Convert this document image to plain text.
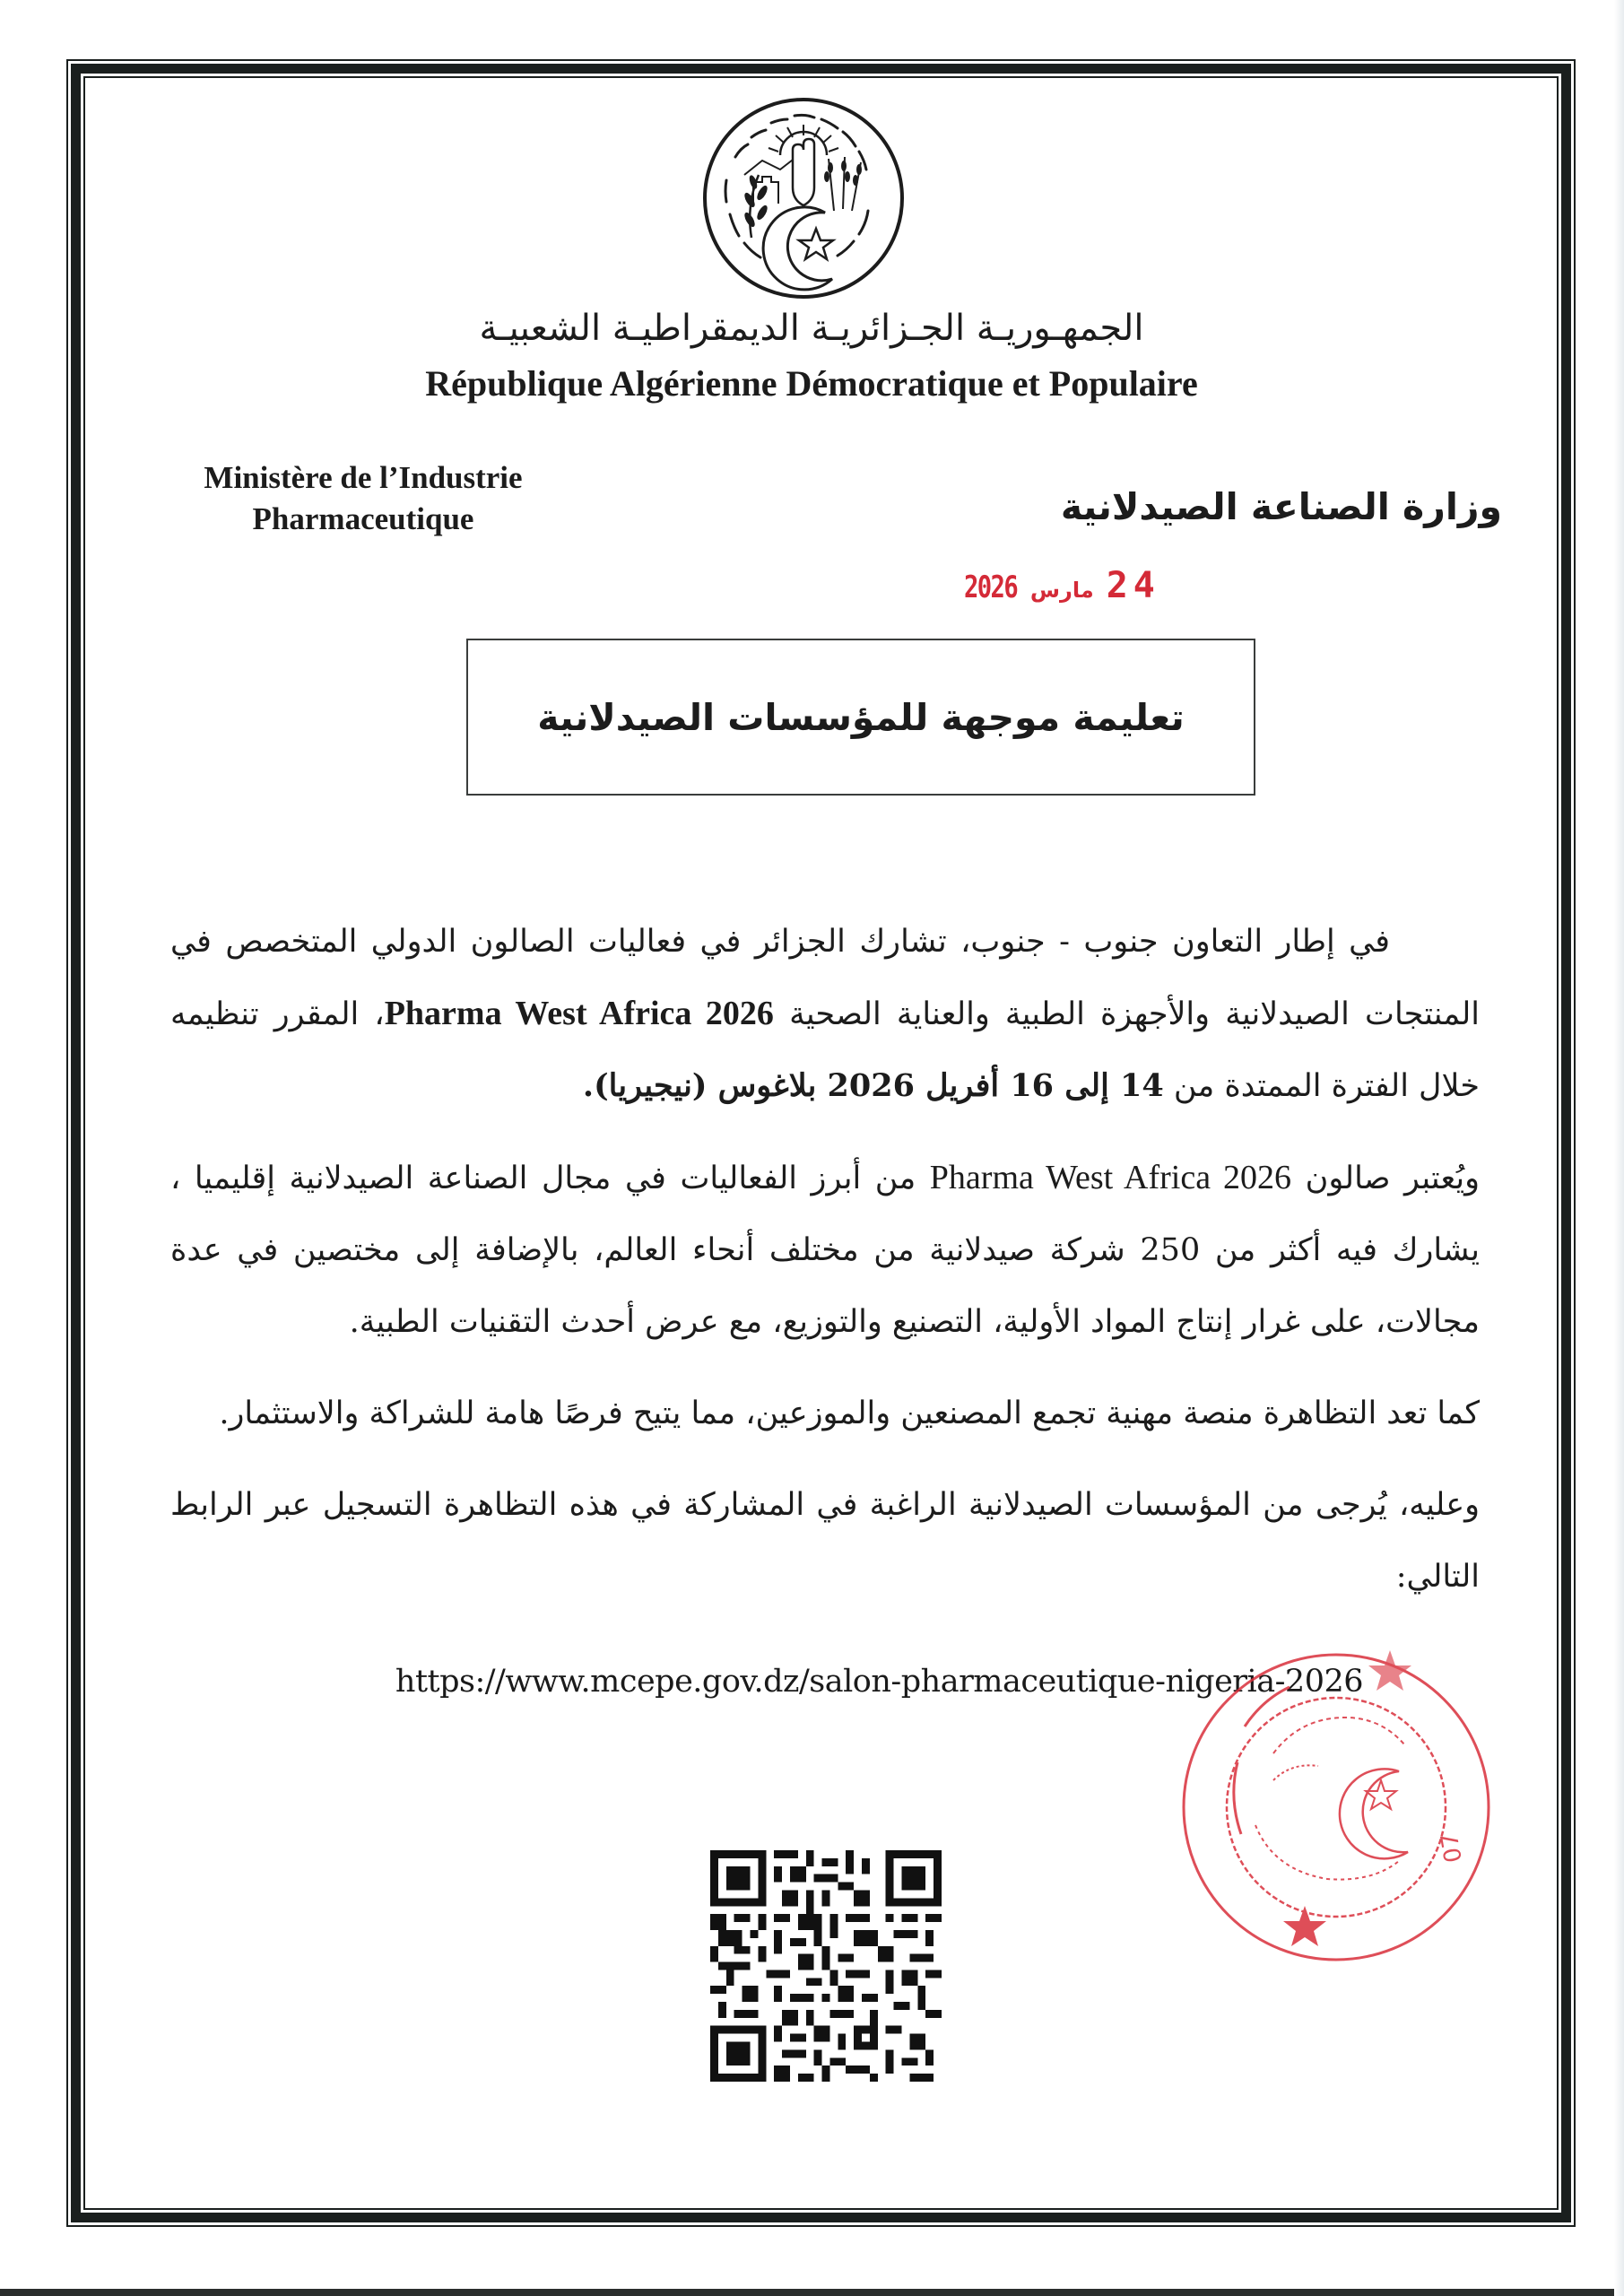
الجمهـوريـة الجـزائريـة الديمقراطيـة الشعبيـة
République Algérienne Démocratique et Populaire
Ministère de l’Industrie
Pharmaceutique	وزارة الصناعة الصيدلانية
2026 مارس 24
تعليمة موجهة للمؤسسات الصيدلانية

في إطار التعاون جنوب - جنوب، تشارك الجزائر في فعاليات الصالون الدولي المتخصص في المنتجات الصيدلانية والأجهزة الطبية والعناية الصحية Pharma West Africa 2026، المقرر تنظيمه خلال الفترة الممتدة من 14 إلى 16 أفريل 2026 بلاغوس (نيجيريا).

ويُعتبر صالون Pharma West Africa 2026 من أبرز الفعاليات في مجال الصناعة الصيدلانية إقليميا ، يشارك فيه أكثر من 250 شركة صيدلانية من مختلف أنحاء العالم، بالإضافة إلى مختصين في عدة مجالات، على غرار إنتاج المواد الأولية، التصنيع والتوزيع، مع عرض أحدث التقنيات الطبية.

كما تعد التظاهرة منصة مهنية تجمع المصنعين والموزعين، مما يتيح فرصًا هامة للشراكة والاستثمار.

وعليه، يُرجى من المؤسسات الصيدلانية الراغبة في المشاركة في هذه التظاهرة التسجيل عبر الرابط التالي:

https://www.mcepe.gov.dz/salon-pharmaceutique-nigeria-2026
07
